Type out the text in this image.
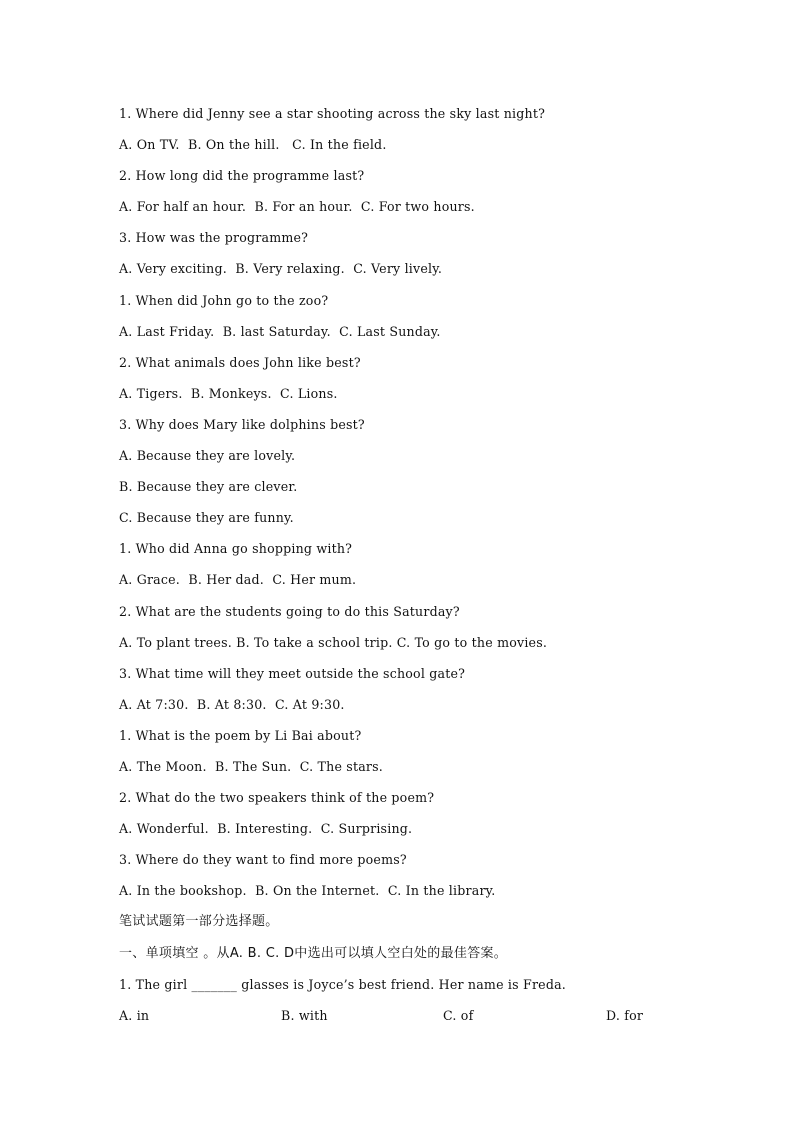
1. Where did Jenny see a star shooting across the sky last night?
A. On TV.  B. On the hill.   C. In the field.
2. How long did the programme last?
A. For half an hour.  B. For an hour.  C. For two hours.
3. How was the programme?
A. Very exciting.  B. Very relaxing.  C. Very lively.
1. When did John go to the zoo?
A. Last Friday.  B. last Saturday.  C. Last Sunday.
2. What animals does John like best?
A. Tigers.  B. Monkeys.  C. Lions.
3. Why does Mary like dolphins best?
A. Because they are lovely.
B. Because they are clever.
C. Because they are funny.
1. Who did Anna go shopping with?
A. Grace.  B. Her dad.  C. Her mum.
2. What are the students going to do this Saturday?
A. To plant trees. B. To take a school trip. C. To go to the movies.
3. What time will they meet outside the school gate?
A. At 7:30.  B. At 8:30.  C. At 9:30.
1. What is the poem by Li Bai about?
A. The Moon.  B. The Sun.  C. The stars.
2. What do the two speakers think of the poem?
A. Wonderful.  B. Interesting.  C. Surprising.
3. Where do they want to find more poems?
A. In the bookshop.  B. On the Internet.  C. In the library.
笔试试题第一部分选择题。
一、单项填空 。从A. B. C. D中选出可以填人空白处的最佳答案。
1. The girl _______ glasses is Joyce’s best friend. Her name is Freda.

A. in

	B. with

	C. of

	D. for
